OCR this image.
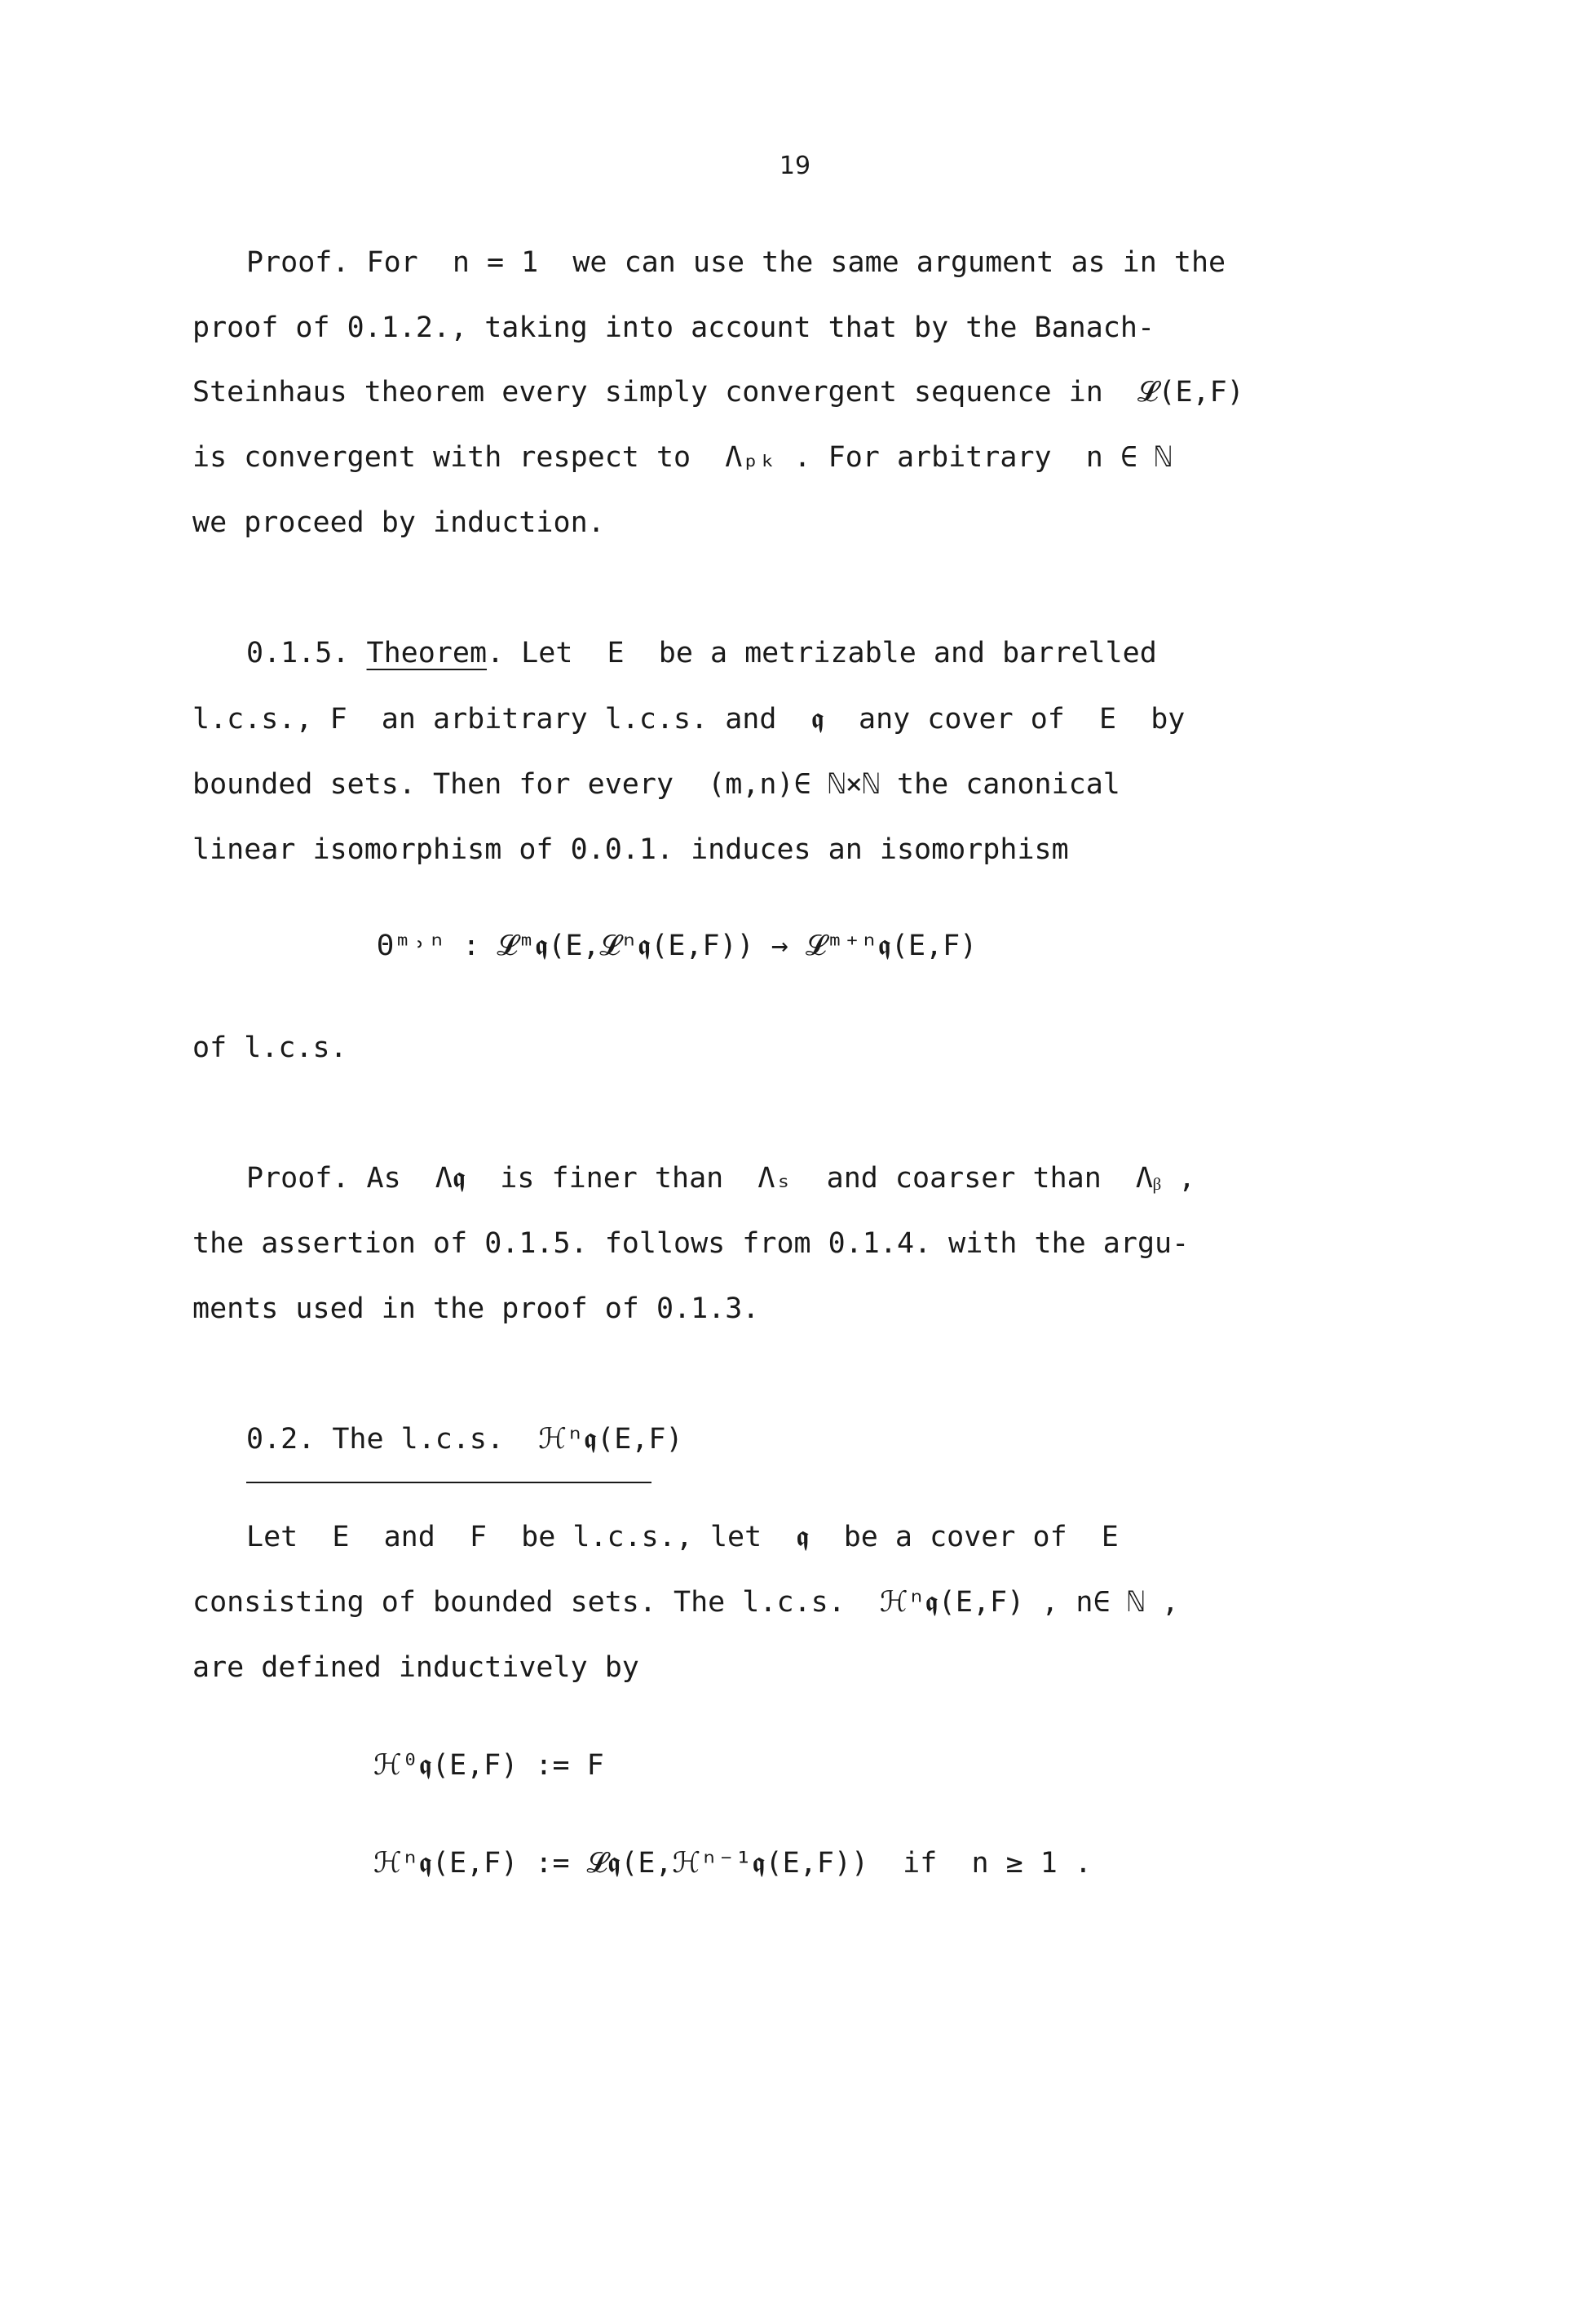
19
Proof. For  n = 1  we can use the same argument as in the
proof of 0.1.2., taking into account that by the Banach-
Steinhaus theorem every simply convergent sequence in  𝓛(E,F)
is convergent with respect to  Λₚₖ . For arbitrary  n ∈ ℕ
we proceed by induction.
0.1.5. Theorem. Let  E  be a metrizable and barrelled
l.c.s., F  an arbitrary l.c.s. and  𝖖  any cover of  E  by
bounded sets. Then for every  (m,n)∈ ℕ×ℕ the canonical
linear isomorphism of 0.0.1. induces an isomorphism
Θᵐ˒ⁿ : 𝓛ᵐ𝖖(E,𝓛ⁿ𝖖(E,F)) → 𝓛ᵐ⁺ⁿ𝖖(E,F)
of l.c.s.
Proof. As  Λ𝖖  is finer than  Λₛ  and coarser than  Λᵦ ,
the assertion of 0.1.5. follows from 0.1.4. with the argu-
ments used in the proof of 0.1.3.
0.2. The l.c.s.  ℋⁿ𝖖(E,F)
Let  E  and  F  be l.c.s., let  𝖖  be a cover of  E
consisting of bounded sets. The l.c.s.  ℋⁿ𝖖(E,F) , n∈ ℕ ,
are defined inductively by
ℋ⁰𝖖(E,F) := F
ℋⁿ𝖖(E,F) := 𝓛𝖖(E,ℋⁿ⁻¹𝖖(E,F))  if  n ≥ 1 .
